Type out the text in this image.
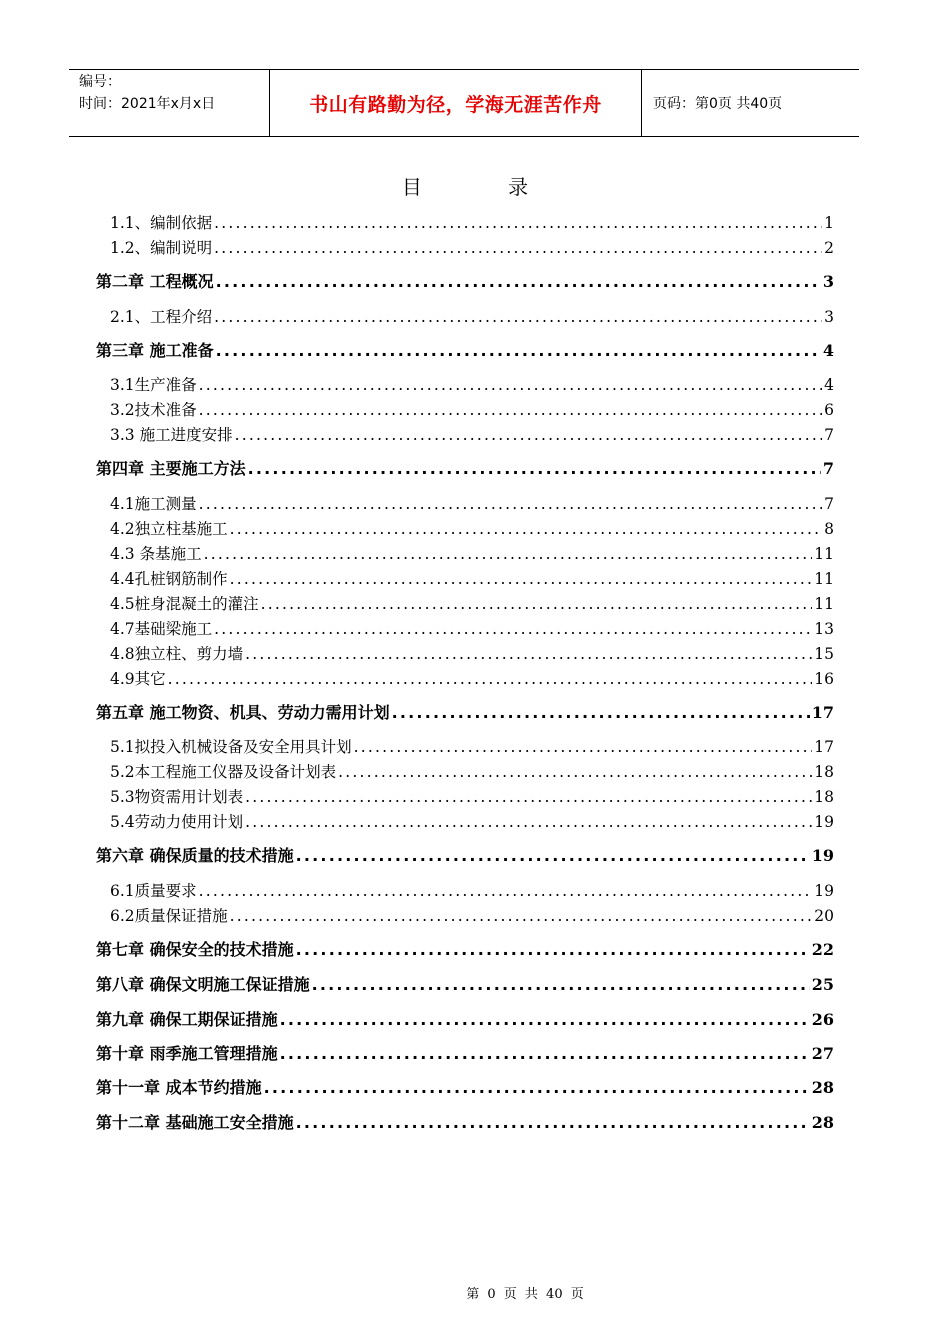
编号：
时间：2021年x月x日	书山有路勤为径，学海无涯苦作舟	页码：第0页 共40页
目 录
1.1、编制依据 .....	1
1.2、编制说明 .....	2
第二章 工程概况 .....	3
2.1、工程介绍 .....	3
第三章 施工准备 .....	4
3.1生产准备 .....	4
3.2技术准备 .....	6
3.3 施工进度安排 .....	7
第四章 主要施工方法 .....	7
4.1施工测量 .....	7
4.2独立柱基施工 .....	8
4.3 条基施工 .....	11
4.4孔桩钢筋制作 .....	11
4.5桩身混凝土的灌注 .....	11
4.7基础梁施工 .....	13
4.8独立柱、剪力墙 .....	15
4.9其它 .....	16
第五章 施工物资、机具、劳动力需用计划 .....	17
5.1拟投入机械设备及安全用具计划 .....	17
5.2本工程施工仪器及设备计划表 .....	18
5.3物资需用计划表 .....	18
5.4劳动力使用计划 .....	19
第六章 确保质量的技术措施 .....	19
6.1质量要求 .....	19
6.2质量保证措施 .....	20
第七章 确保安全的技术措施 .....	22
第八章 确保文明施工保证措施 .....	25
第九章 确保工期保证措施 .....	26
第十章 雨季施工管理措施 .....	27
第十一章 成本节约措施 .....	28
第十二章 基础施工安全措施 .....	28
第 0 页 共 40 页
